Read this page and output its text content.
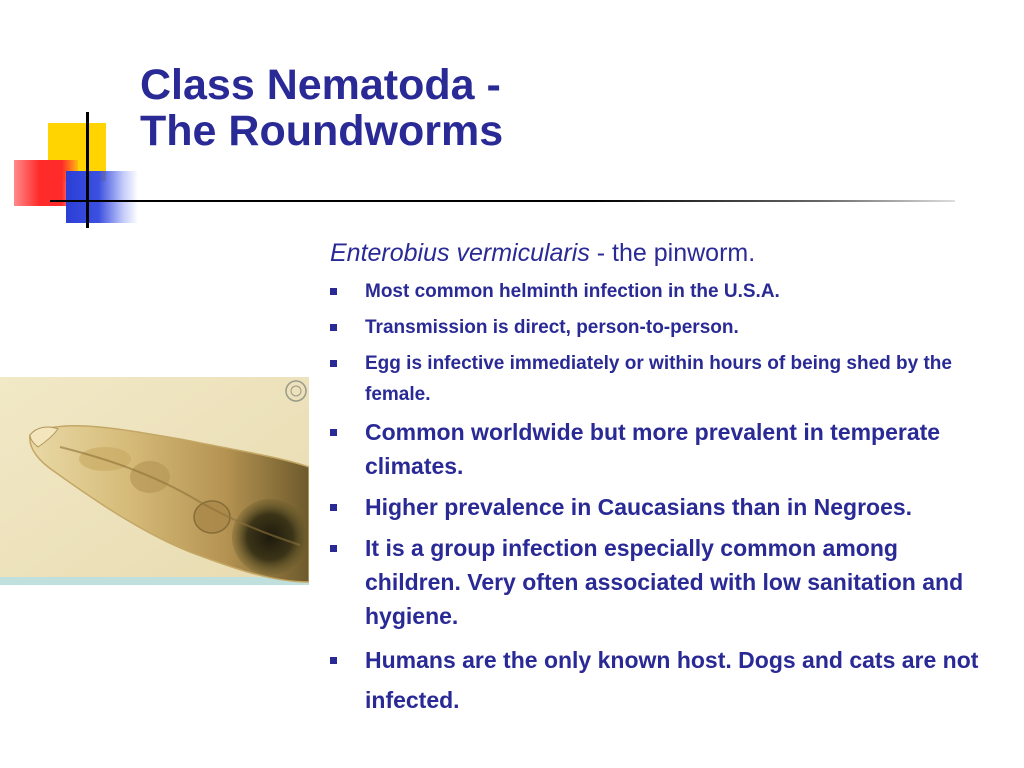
Class Nematoda -
The Roundworms

Enterobius vermicularis - the pinworm.

Most common helminth infection in the U.S.A.
Transmission is direct, person-to-person.
Egg is infective immediately or within hours of being shed by the female.
Common worldwide but more prevalent in temperate climates.
Higher prevalence in Caucasians than in Negroes.
It is a group infection especially common among children. Very often associated with low sanitation and hygiene.
Humans are the only known host. Dogs and cats are not infected.
